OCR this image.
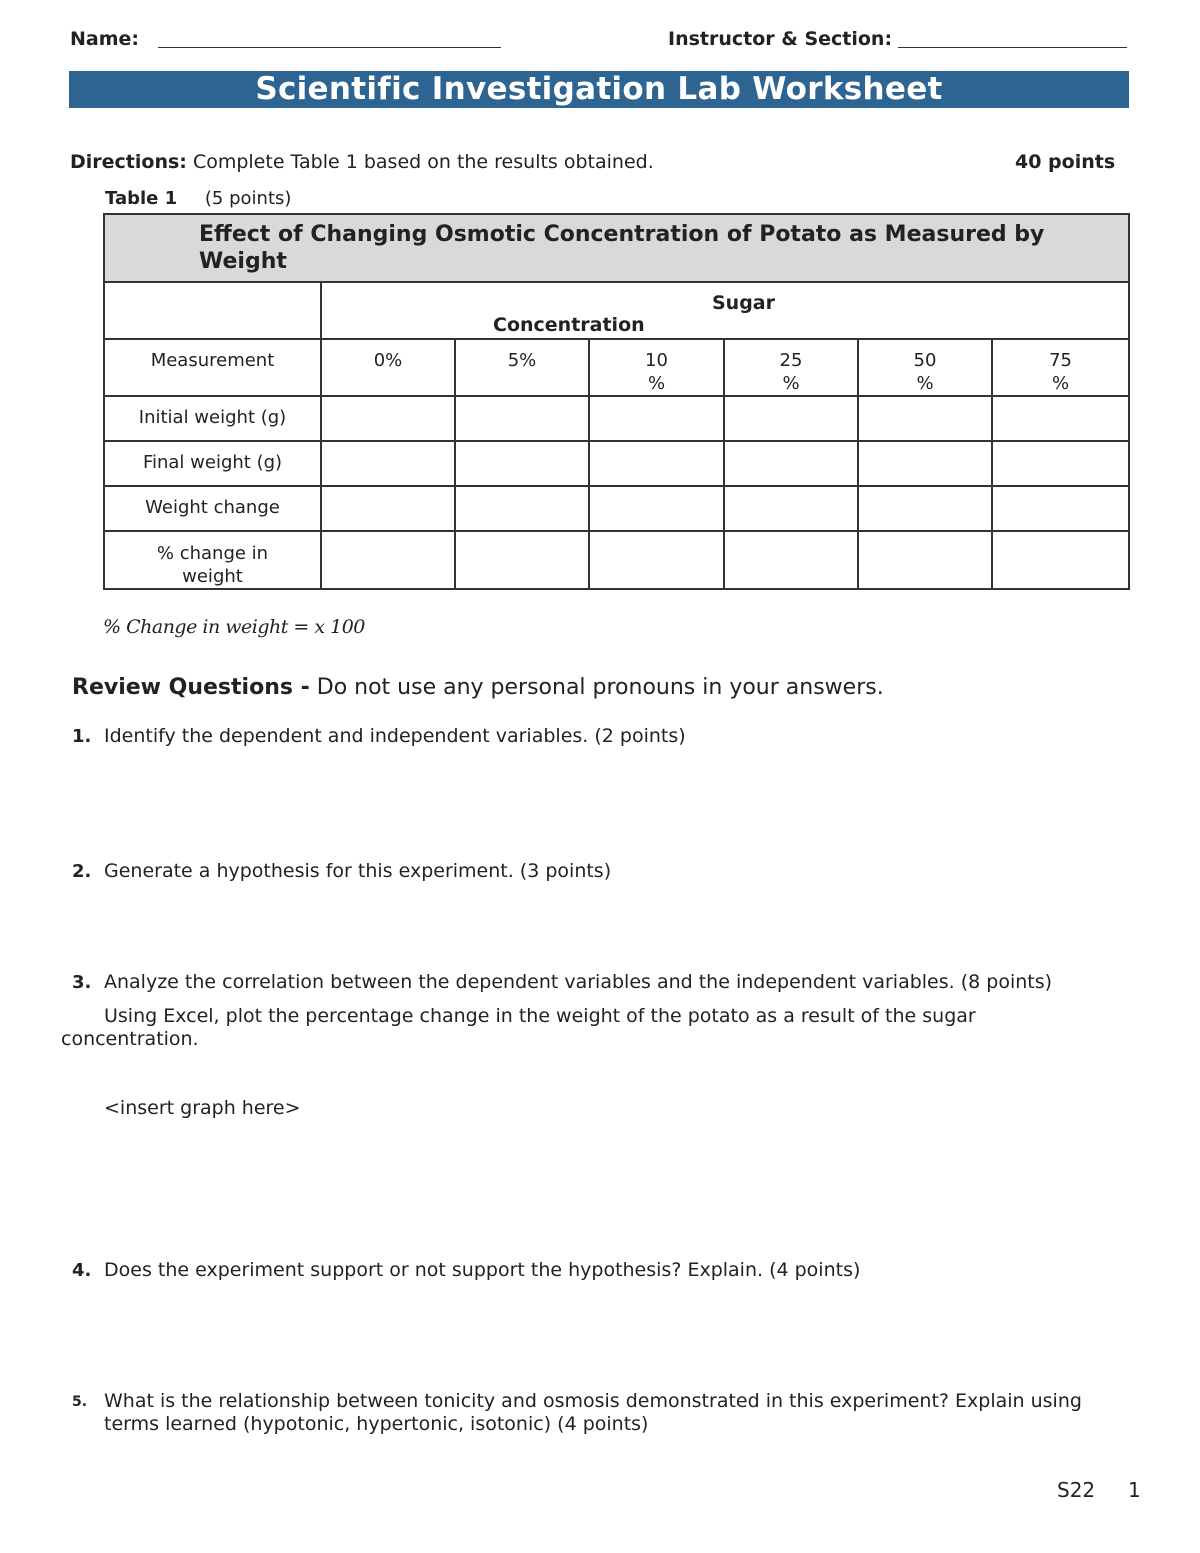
Name:	Instructor & Section:
Scientific Investigation Lab Worksheet
Directions: Complete Table 1 based on the results obtained.	40 points
Table 1 (5 points)
Effect of Changing Osmotic Concentration of Potato as Measured by Weight						

	Sugar
Concentration					

Measurement	0%	5%	10 %	25 %	50 %	75 %

Initial weight (g)						

Final weight (g)						

Weight change						

% change in weight						

% Change in weight = x 100
Review Questions - Do not use any personal pronouns in your answers.
1. Identify the dependent and independent variables. (2 points)
2. Generate a hypothesis for this experiment. (3 points)
3. Analyze the correlation between the dependent variables and the independent variables. (8 points)
Using Excel, plot the percentage change in the weight of the potato as a result of the sugar concentration.
<insert graph here>
4. Does the experiment support or not support the hypothesis? Explain. (4 points)
5. What is the relationship between tonicity and osmosis demonstrated in this experiment? Explain using terms learned (hypotonic, hypertonic, isotonic) (4 points)
S22 1
